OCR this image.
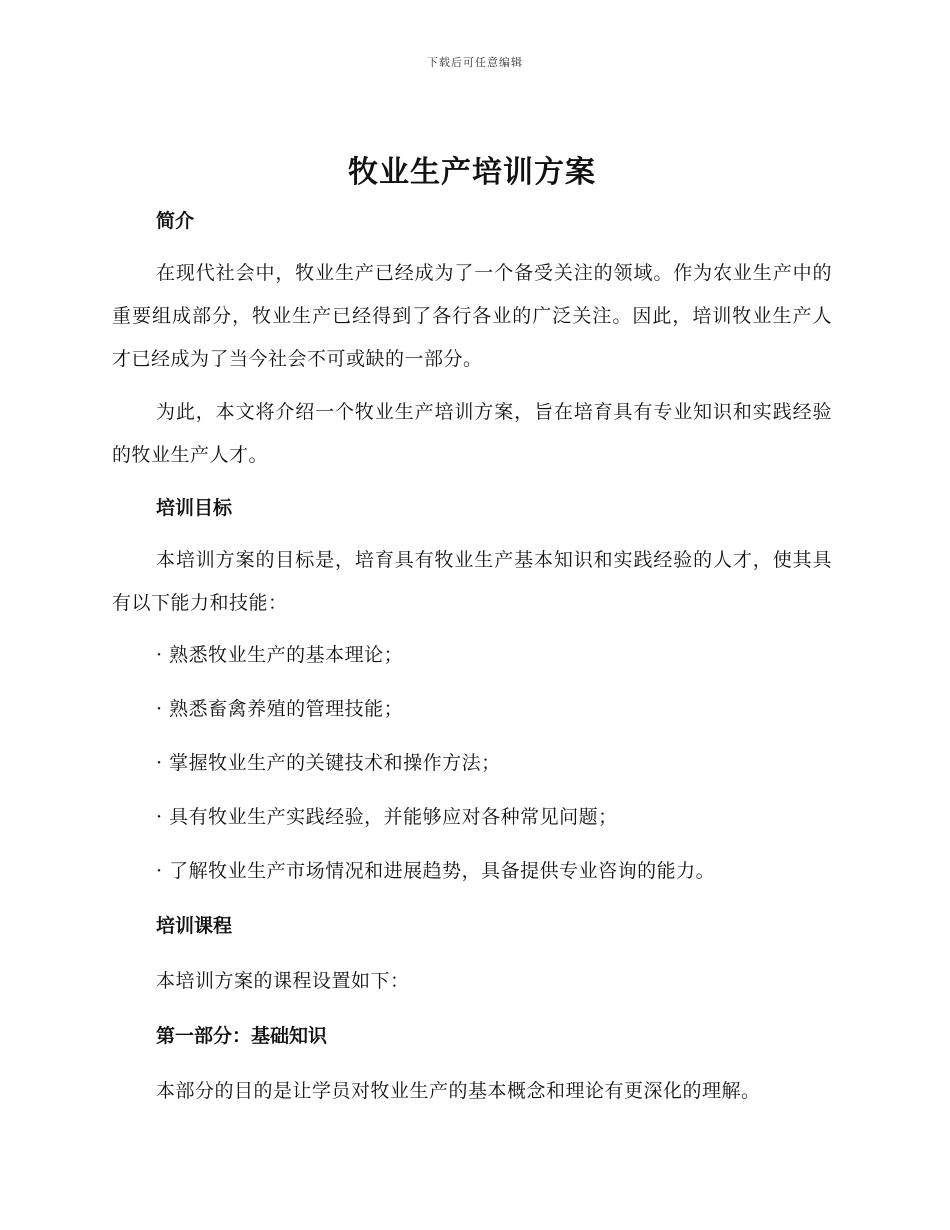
下载后可任意编辑
牧业生产培训方案
简介

在现代社会中，牧业生产已经成为了一个备受关注的领域。作为农业生产中的重要组成部分，牧业生产已经得到了各行各业的广泛关注。因此，培训牧业生产人才已经成为了当今社会不可或缺的一部分。

为此，本文将介绍一个牧业生产培训方案，旨在培育具有专业知识和实践经验的牧业生产人才。

培训目标

本培训方案的目标是，培育具有牧业生产基本知识和实践经验的人才，使其具有以下能力和技能：

· 熟悉牧业生产的基本理论；

· 熟悉畜禽养殖的管理技能；

· 掌握牧业生产的关键技术和操作方法；

· 具有牧业生产实践经验，并能够应对各种常见问题；

· 了解牧业生产市场情况和进展趋势，具备提供专业咨询的能力。

培训课程

本培训方案的课程设置如下：

第一部分：基础知识

本部分的目的是让学员对牧业生产的基本概念和理论有更深化的理解。
